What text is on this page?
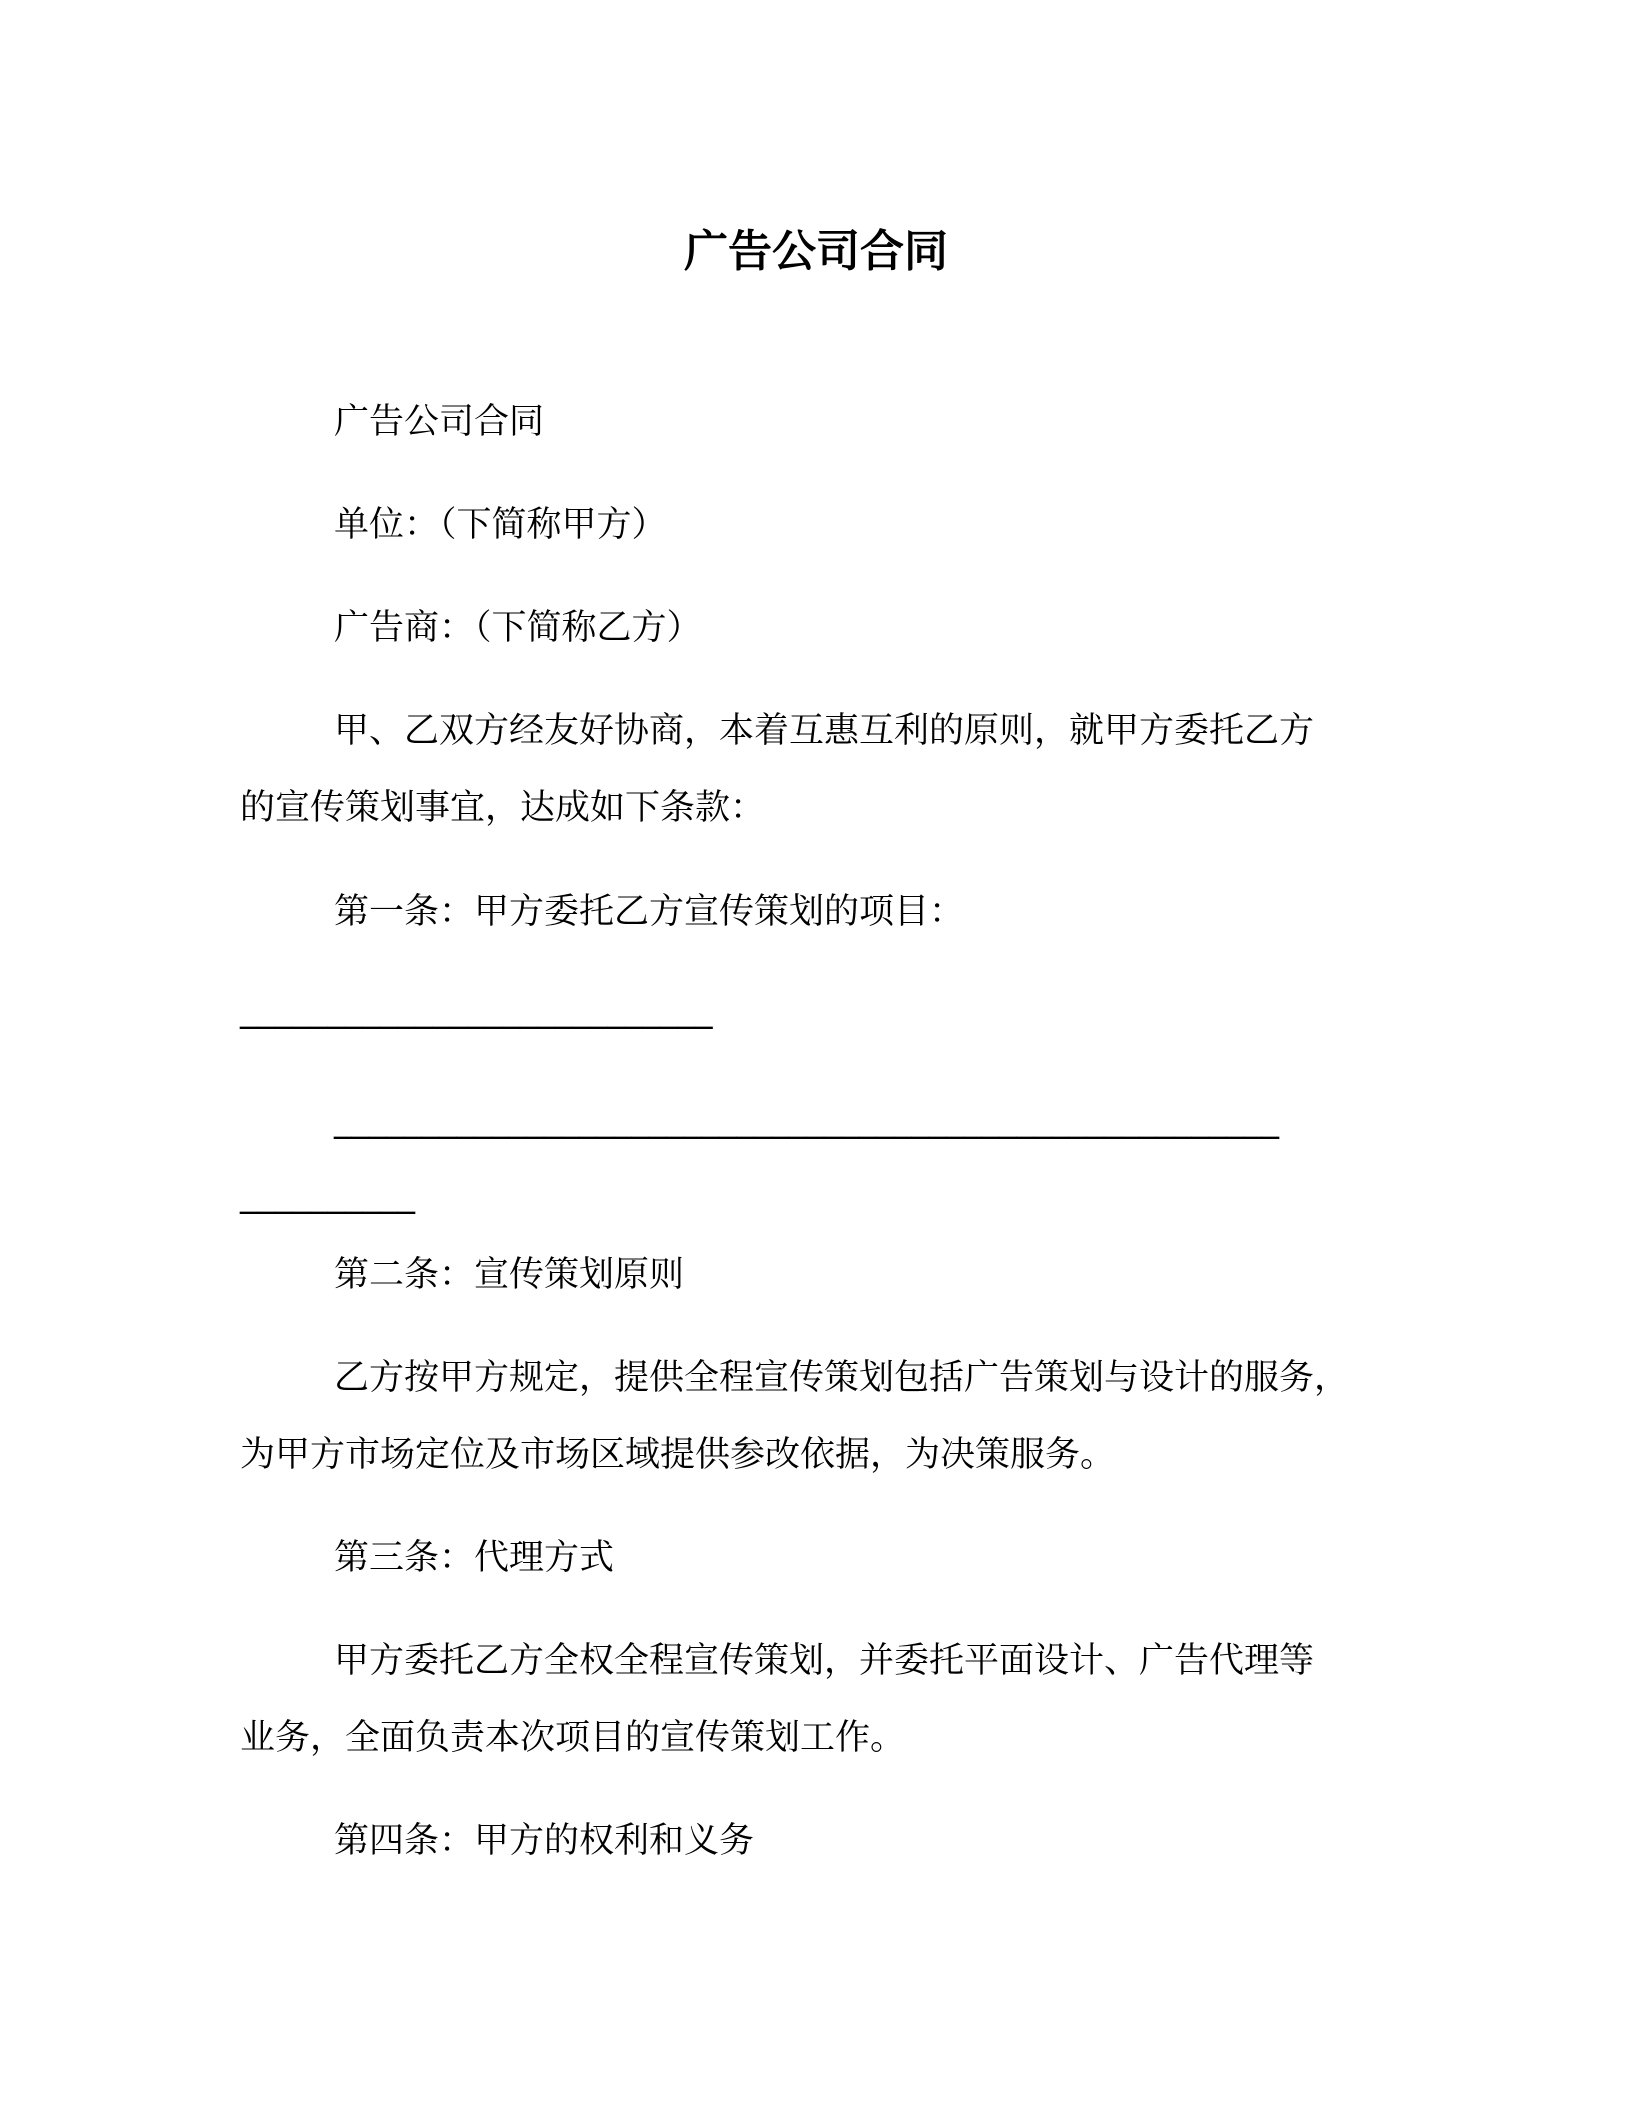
广告公司合同

广告公司合同

单位：（下简称甲方）

广告商：（下简称乙方）

甲、乙双方经友好协商，本着互惠互利的原则，就甲方委托乙方

的宣传策划事宜，达成如下条款：

第一条：甲方委托乙方宣传策划的项目：

___________________________

______________________________________________________

__________

第二条：宣传策划原则

乙方按甲方规定，提供全程宣传策划包括广告策划与设计的服务，

为甲方市场定位及市场区域提供参改依据，为决策服务。

第三条：代理方式

甲方委托乙方全权全程宣传策划，并委托平面设计、广告代理等

业务，全面负责本次项目的宣传策划工作。

第四条：甲方的权利和义务
